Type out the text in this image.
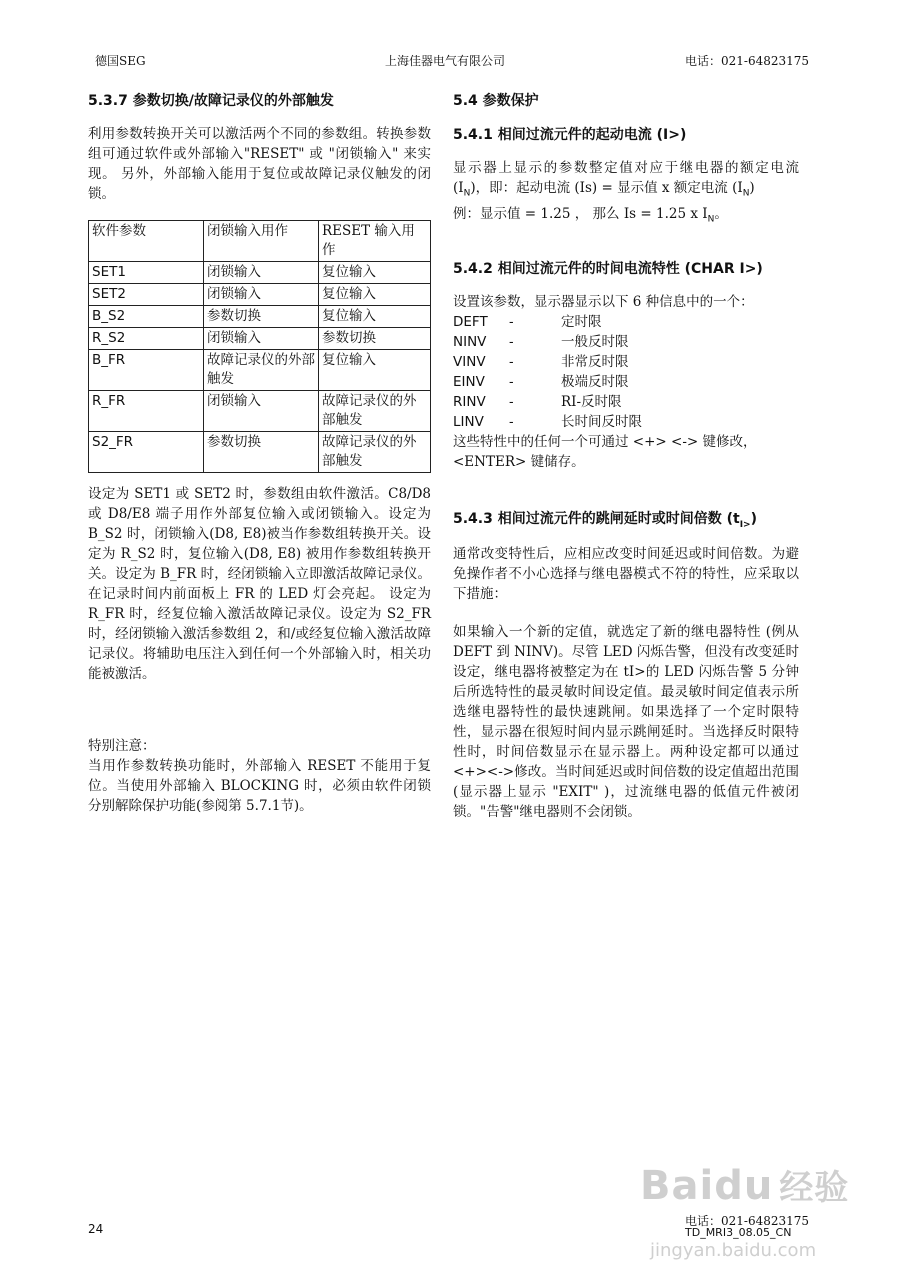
德国SEG	上海佳器电气有限公司	电话：021-64823175
5.3.7 参数切换/故障记录仪的外部触发

利用参数转换开关可以激活两个不同的参数组。转换参数组可通过软件或外部输入"RESET" 或 "闭锁输入" 来实现。 另外，外部输入能用于复位或故障记录仪触发的闭锁。

软件参数	闭锁输入用作	RESET 输入用作
SET1	闭锁输入	复位输入
SET2	闭锁输入	复位输入
B_S2	参数切换	复位输入
R_S2	闭锁输入	参数切换
B_FR	故障记录仪的外部触发	复位输入
R_FR	闭锁输入	故障记录仪的外部触发
S2_FR	参数切换	故障记录仪的外部触发

设定为 SET1 或 SET2 时，参数组由软件激活。C8/D8 或 D8/E8 端子用作外部复位输入或闭锁输入。设定为 B_S2 时，闭锁输入(D8, E8)被当作参数组转换开关。设定为 R_S2 时，复位输入(D8, E8) 被用作参数组转换开关。设定为 B_FR 时，经闭锁输入立即激活故障记录仪。在记录时间内前面板上 FR 的 LED 灯会亮起。 设定为 R_FR 时，经复位输入激活故障记录仪。设定为 S2_FR 时，经闭锁输入激活参数组 2，和/或经复位输入激活故障记录仪。将辅助电压注入到任何一个外部输入时，相关功能被激活。

特别注意：

当用作参数转换功能时，外部输入 RESET 不能用于复位。当使用外部输入 BLOCKING 时，必须由软件闭锁分别解除保护功能(参阅第 5.7.1节)。

5.4 参数保护
5.4.1 相间过流元件的起动电流 (I>)
显示器上显示的参数整定值对应于继电器的额定电流$(I_N)$，即：起动电流 (Is) = 显示值 x 额定电流 $(I_N)$
例：显示值 = 1.25 ， 那么 Is = 1.25 x $I_N$。
5.4.2 相间过流元件的时间电流特性 (CHAR I>)

设置该参数，显示器显示以下 6 种信息中的一个：

DEFT -	定时限
NINV -	一般反时限
VINV -	非常反时限
EINV -	极端反时限
RINV -	RI-反时限
LINV -	长时间反时限

这些特性中的任何一个可通过 <+> <-> 键修改，

<ENTER> 键储存。

5.4.3 相间过流元件的跳闸延时或时间倍数 $(t_{I>})$

通常改变特性后，应相应改变时间延迟或时间倍数。为避免操作者不小心选择与继电器模式不符的特性，应采取以下措施：

如果输入一个新的定值，就选定了新的继电器特性 (例从 DEFT 到 NINV)。尽管 LED 闪烁告警，但没有改变延时设定，继电器将被整定为在 tI>的 LED 闪烁告警 5 分钟后所选特性的最灵敏时间设定值。最灵敏时间定值表示所选继电器特性的最快速跳闸。如果选择了一个定时限特性，显示器在很短时间内显示跳闸延时。当选择反时限特性时，时间倍数显示在显示器上。两种设定都可以通过 <+><->修改。当时间延迟或时间倍数的设定值超出范围 (显示器上显示 "EXIT" )，过流继电器的低值元件被闭锁。"告警"继电器则不会闭锁。

24
Baidu 经验
jingyan.baidu.com
电话：021-64823175
TD_MRI3_08.05_CN
